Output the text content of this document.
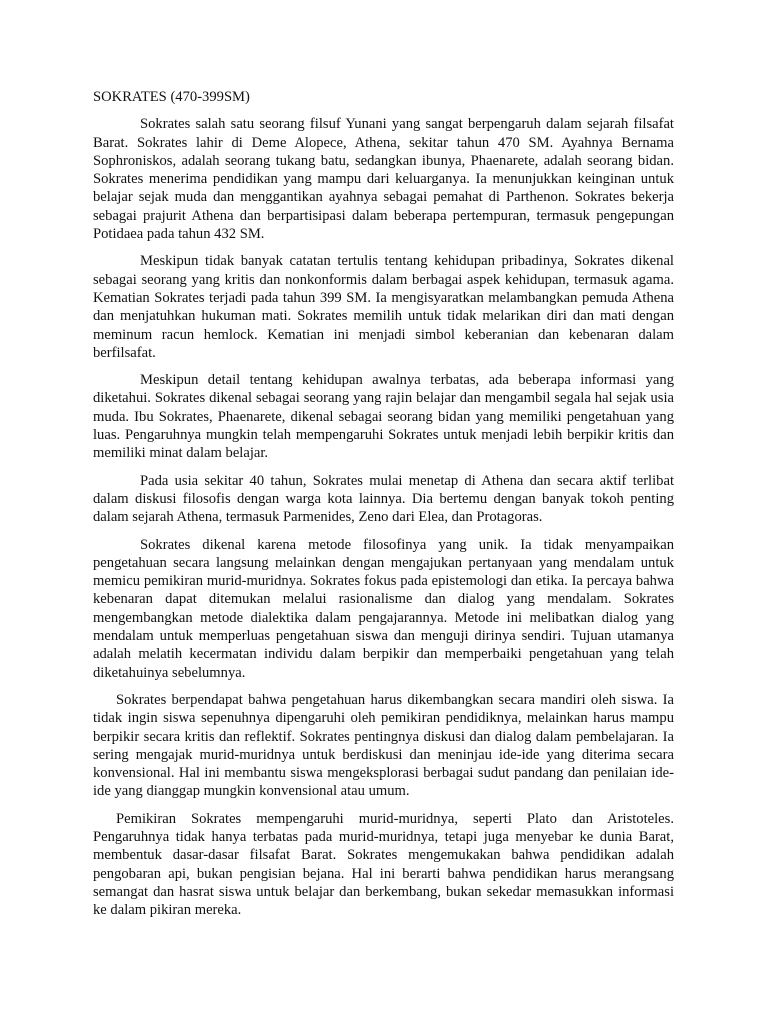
SOKRATES (470-399SM)

Sokrates salah satu seorang filsuf Yunani yang sangat berpengaruh dalam sejarah filsafat Barat. Sokrates lahir di Deme Alopece, Athena, sekitar tahun 470 SM. Ayahnya Bernama Sophroniskos, adalah seorang tukang batu, sedangkan ibunya, Phaenarete, adalah seorang bidan. Sokrates menerima pendidikan yang mampu dari keluarganya. Ia menunjukkan keinginan untuk belajar sejak muda dan menggantikan ayahnya sebagai pemahat di Parthenon. Sokrates bekerja sebagai prajurit Athena dan berpartisipasi dalam beberapa pertempuran, termasuk pengepungan Potidaea pada tahun 432 SM.

Meskipun tidak banyak catatan tertulis tentang kehidupan pribadinya, Sokrates dikenal sebagai seorang yang kritis dan nonkonformis dalam berbagai aspek kehidupan, termasuk agama. Kematian Sokrates terjadi pada tahun 399 SM. Ia mengisyaratkan melambangkan pemuda Athena dan menjatuhkan hukuman mati. Sokrates memilih untuk tidak melarikan diri dan mati dengan meminum racun hemlock. Kematian ini menjadi simbol keberanian dan kebenaran dalam berfilsafat.

Meskipun detail tentang kehidupan awalnya terbatas, ada beberapa informasi yang diketahui. Sokrates dikenal sebagai seorang yang rajin belajar dan mengambil segala hal sejak usia muda. Ibu Sokrates, Phaenarete, dikenal sebagai seorang bidan yang memiliki pengetahuan yang luas. Pengaruhnya mungkin telah mempengaruhi Sokrates untuk menjadi lebih berpikir kritis dan memiliki minat dalam belajar.

Pada usia sekitar 40 tahun, Sokrates mulai menetap di Athena dan secara aktif terlibat dalam diskusi filosofis dengan warga kota lainnya. Dia bertemu dengan banyak tokoh penting dalam sejarah Athena, termasuk Parmenides, Zeno dari Elea, dan Protagoras.

Sokrates dikenal karena metode filosofinya yang unik. Ia tidak menyampaikan pengetahuan secara langsung melainkan dengan mengajukan pertanyaan yang mendalam untuk memicu pemikiran murid-muridnya. Sokrates fokus pada epistemologi dan etika. Ia percaya bahwa kebenaran dapat ditemukan melalui rasionalisme dan dialog yang mendalam. Sokrates mengembangkan metode dialektika dalam pengajarannya. Metode ini melibatkan dialog yang mendalam untuk memperluas pengetahuan siswa dan menguji dirinya sendiri. Tujuan utamanya adalah melatih kecermatan individu dalam berpikir dan memperbaiki pengetahuan yang telah diketahuinya sebelumnya.

Sokrates berpendapat bahwa pengetahuan harus dikembangkan secara mandiri oleh siswa. Ia tidak ingin siswa sepenuhnya dipengaruhi oleh pemikiran pendidiknya, melainkan harus mampu berpikir secara kritis dan reflektif. Sokrates pentingnya diskusi dan dialog dalam pembelajaran. Ia sering mengajak murid-muridnya untuk berdiskusi dan meninjau ide-ide yang diterima secara konvensional. Hal ini membantu siswa mengeksplorasi berbagai sudut pandang dan penilaian ide-ide yang dianggap mungkin konvensional atau umum.

Pemikiran Sokrates mempengaruhi murid-muridnya, seperti Plato dan Aristoteles. Pengaruhnya tidak hanya terbatas pada murid-muridnya, tetapi juga menyebar ke dunia Barat, membentuk dasar-dasar filsafat Barat. Sokrates mengemukakan bahwa pendidikan adalah pengobaran api, bukan pengisian bejana. Hal ini berarti bahwa pendidikan harus merangsang semangat dan hasrat siswa untuk belajar dan berkembang, bukan sekedar memasukkan informasi ke dalam pikiran mereka.
